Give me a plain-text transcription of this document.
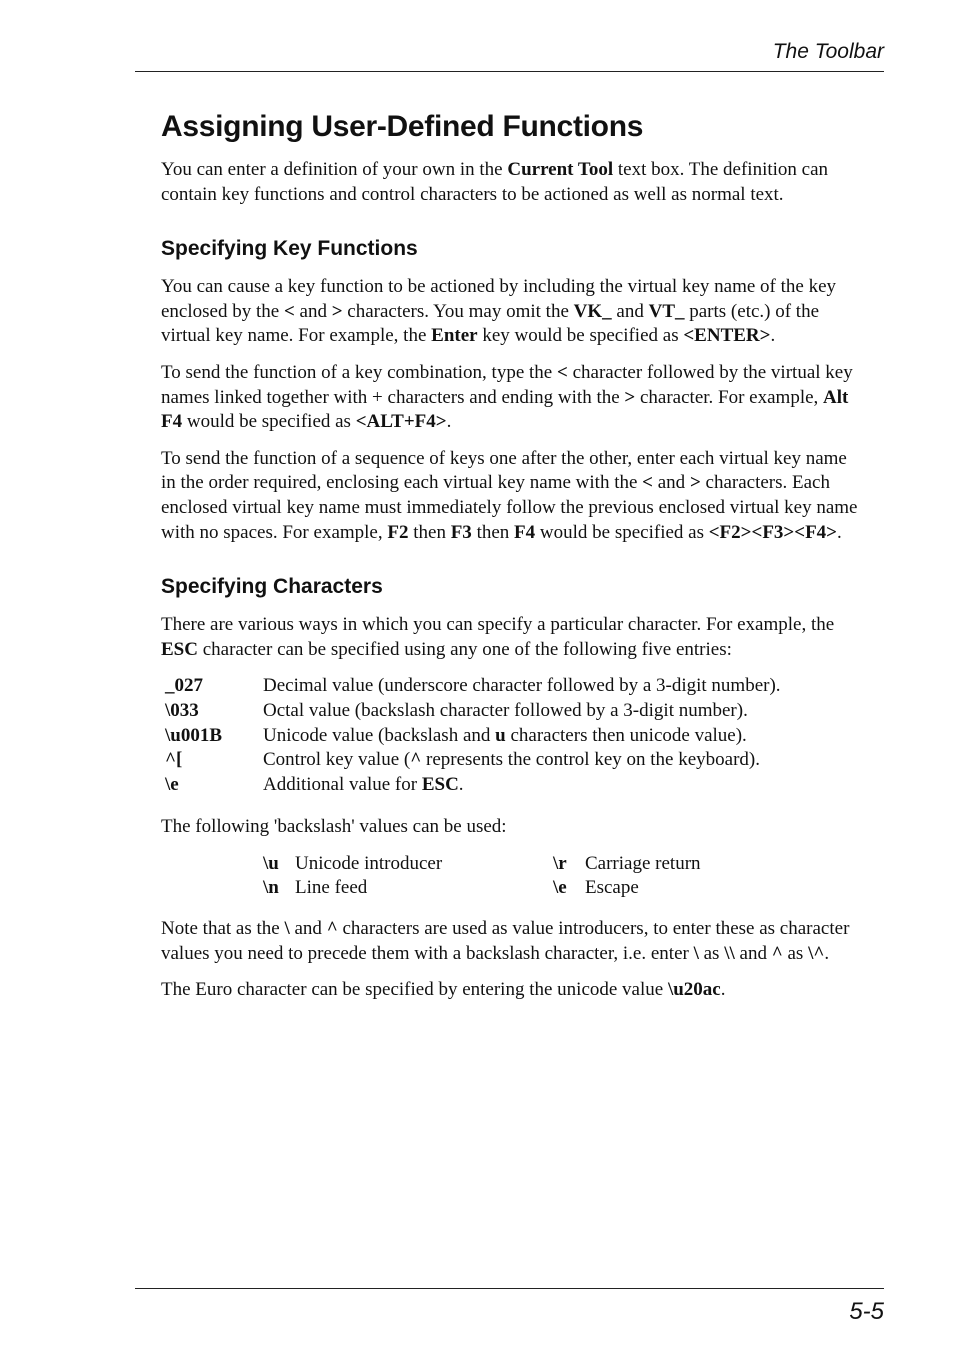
The Toolbar
Assigning User-Defined Functions

You can enter a definition of your own in the Current Tool text box. The definition can contain key functions and control characters to be actioned as well as normal text.

Specifying Key Functions

You can cause a key function to be actioned by including the virtual key name of the key enclosed by the < and > characters. You may omit the VK_ and VT_ parts (etc.) of the virtual key name. For example, the Enter key would be specified as <ENTER>.

To send the function of a key combination, type the < character followed by the virtual key names linked together with + characters and ending with the > character. For example, Alt F4 would be specified as <ALT+F4>.

To send the function of a sequence of keys one after the other, enter each virtual key name in the order required, enclosing each virtual key name with the < and > characters. Each enclosed virtual key name must immediately follow the previous enclosed virtual key name with no spaces. For example, F2 then F3 then F4 would be specified as <F2><F3><F4>.

Specifying Characters

There are various ways in which you can specify a particular character. For example, the ESC character can be specified using any one of the following five entries:

_027	Decimal value (underscore character followed by a 3-digit number).
\033	Octal value (backslash character followed by a 3-digit number).
\u001B	Unicode value (backslash and u characters then unicode value).
^[	Control key value (^ represents the control key on the keyboard).
\e	Additional value for ESC.

The following 'backslash' values can be used:

\u	Unicode introducer	\r	Carriage return
\n	Line feed	\e	Escape

Note that as the \ and ^ characters are used as value introducers, to enter these as character values you need to precede them with a backslash character, i.e. enter \ as \\ and ^ as \^.

The Euro character can be specified by entering the unicode value \u20ac.

5-5
